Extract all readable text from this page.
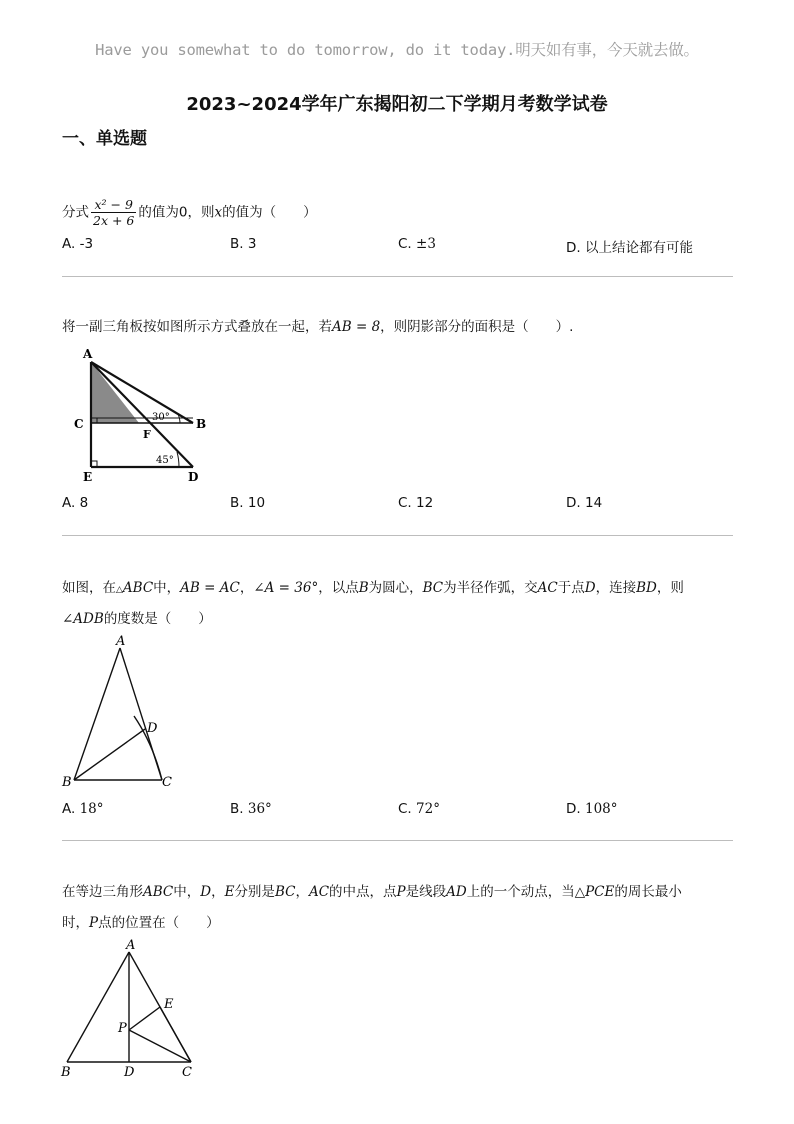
Have you somewhat to do tomorrow, do it today.明天如有事，今天就去做。
2023~2024学年广东揭阳初二下学期月考数学试卷
一、单选题
分式 $\frac{\text{x² − 9}}{2x + 6}$ 的值为0，则x的值为（　　）
A. -3	B. 3	C. ±3	D. 以上结论都有可能
将一副三角板按如图所示方式叠放在一起，若AB = 8，则阴影部分的面积是（　　）.
A
C	B
F
E	D
30°
45°
A. 8	B. 10	C. 12	D. 14
如图，在△ABC中，AB = AC，∠A = 36°，以点B为圆心，BC为半径作弧，交AC于点D，连接BD，则
∠ADB的度数是（　　）
A
B	C
D
A. 18°	B. 36°	C. 72°	D. 108°
在等边三角形ABC中，D，E分别是BC，AC的中点，点P是线段AD上的一个动点，当△PCE的周长最小
时，P点的位置在（　　）
A
B	D	C
E
P
